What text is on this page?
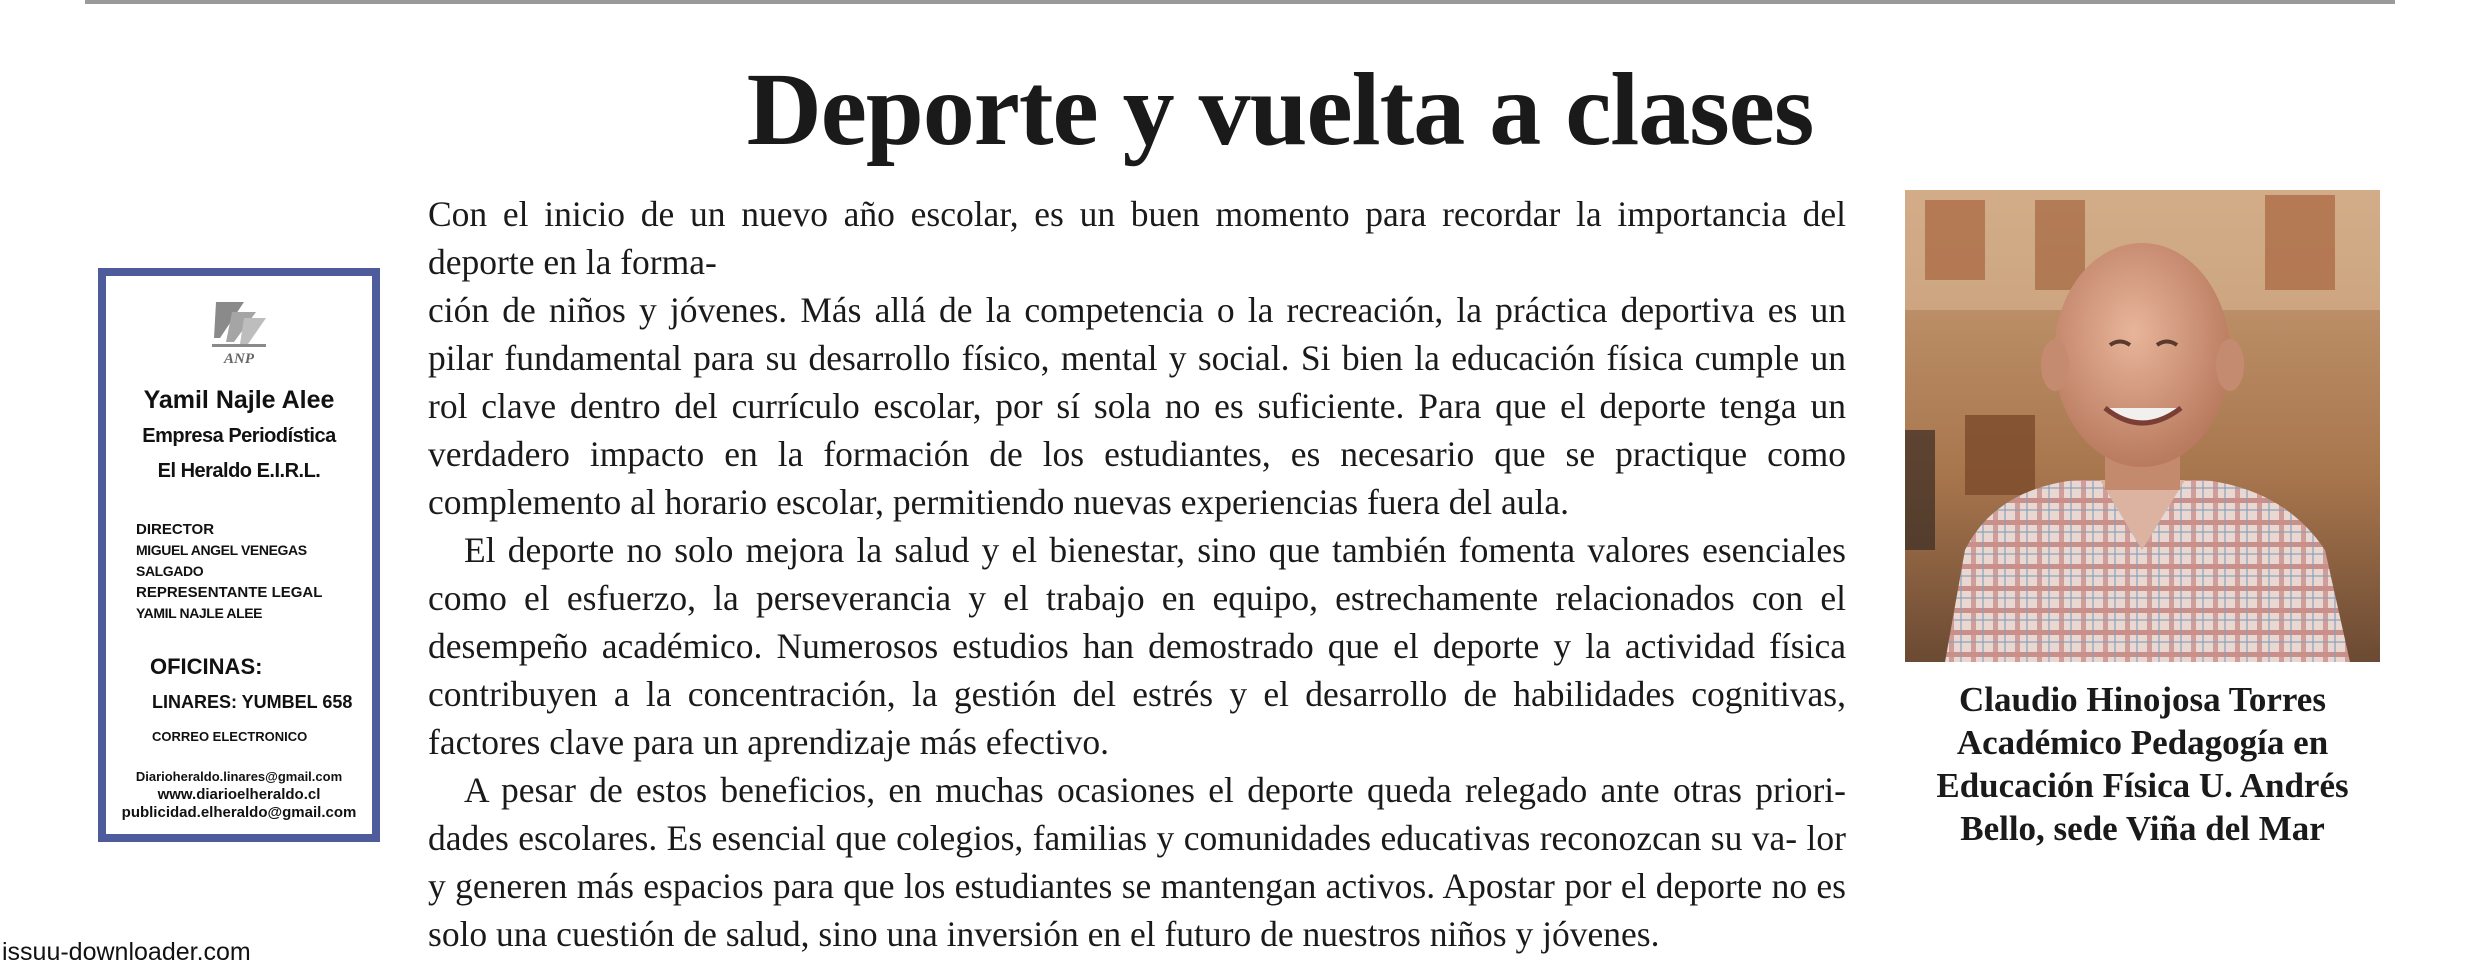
Deporte y vuelta a clases

Con el inicio de un nuevo año escolar, es un buen momento para recordar la importancia del deporte en la forma-

ción de niños y jóvenes. Más allá de la competencia o la recreación, la práctica deportiva es un pilar fundamental para su desarrollo físico, mental y social. Si bien la educación física cumple un rol clave dentro del currículo escolar, por sí sola no es suficiente. Para que el deporte tenga un verdadero impacto en la formación de los estudiantes, es necesario que se practique como complemento al horario escolar, permitiendo nuevas experiencias fuera del aula.

El deporte no solo mejora la salud y el bienestar, sino que también fomenta valores esenciales como el esfuerzo, la perseverancia y el trabajo en equipo, estrechamente relacionados con el desempeño académico. Numerosos estudios han demostrado que el deporte y la actividad física contribuyen a la concentración, la gestión del estrés y el desarrollo de habilidades cognitivas, factores clave para un aprendizaje más efectivo.

A pesar de estos beneficios, en muchas ocasiones el deporte queda relegado ante otras priori- dades escolares. Es esencial que colegios, familias y comunidades educativas reconozcan su va- lor y generen más espacios para que los estudiantes se mantengan activos. Apostar por el deporte no es solo una cuestión de salud, sino una inversión en el futuro de nuestros niños y jóvenes.

ANP
Yamil Najle Alee
Empresa Periodística
El Heraldo E.I.R.L.
DIRECTOR
MIGUEL ANGEL VENEGAS SALGADO
REPRESENTANTE LEGAL
YAMIL NAJLE ALEE
OFICINAS:
LINARES: YUMBEL 658
CORREO ELECTRONICO
Diarioheraldo.linares@gmail.com
www.diarioelheraldo.cl
publicidad.elheraldo@gmail.com
Claudio Hinojosa Torres
Académico Pedagogía en
Educación Física U. Andrés
Bello, sede Viña del Mar
issuu-downloader.com
